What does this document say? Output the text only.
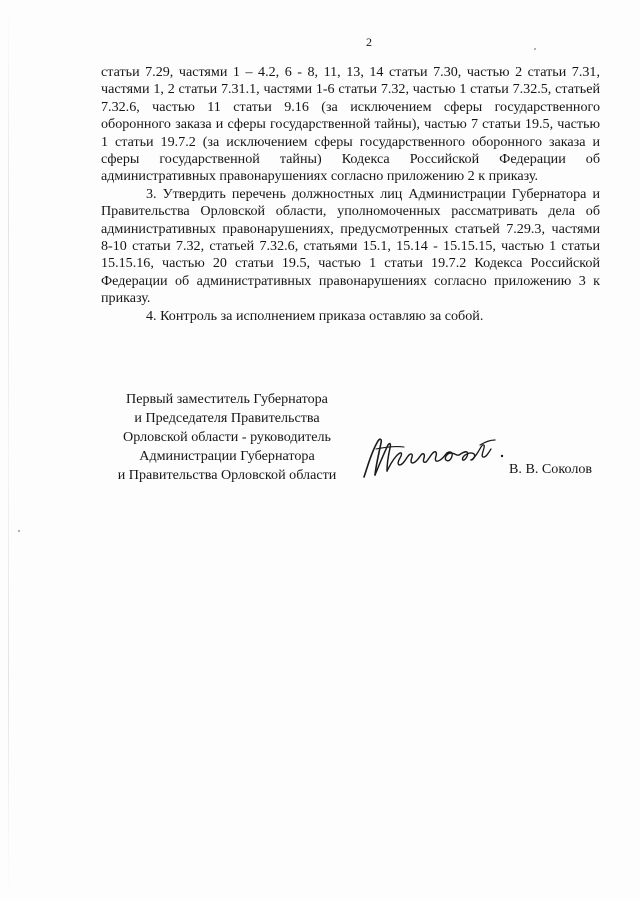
2

статьи 7.29, частями 1 – 4.2, 6 - 8, 11, 13, 14 статьи 7.30, частью 2 статьи 7.31, частями 1, 2 статьи 7.31.1, частями 1-6 статьи 7.32, частью 1 статьи 7.32.5, статьей 7.32.6, частью 11 статьи 9.16 (за исключением сферы государственного оборонного заказа и сферы государственной тайны), частью 7 статьи 19.5, частью 1 статьи 19.7.2 (за исключением сферы государственного оборонного заказа и сферы государственной тайны) Кодекса Российской Федерации об административных правонарушениях согласно приложению 2 к приказу.

3. Утвердить перечень должностных лиц Администрации Губернатора и Правительства Орловской области, уполномоченных рассматривать дела об административных правонарушениях, предусмотренных статьей 7.29.3, частями 8-10 статьи 7.32, статьей 7.32.6, статьями 15.1, 15.14 - 15.15.15, частью 1 статьи 15.15.16, частью 20 статьи 19.5, частью 1 статьи 19.7.2 Кодекса Российской Федерации об административных правонарушениях согласно приложению 3 к приказу.

4. Контроль за исполнением приказа оставляю за собой.

Первый заместитель Губернатора
и Председателя Правительства
Орловской области - руководитель
Администрации Губернатора
и Правительства Орловской области	В. В. Соколов
